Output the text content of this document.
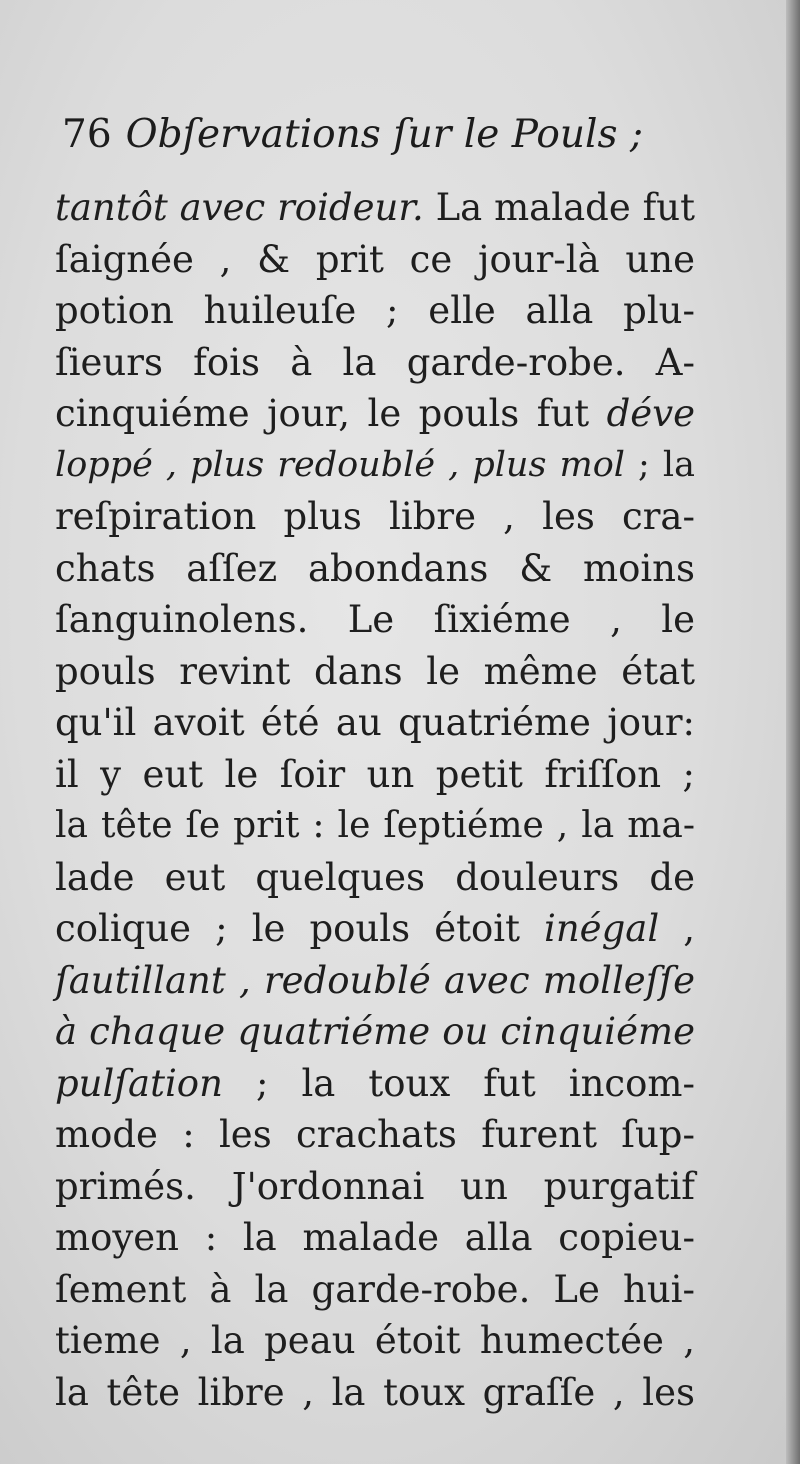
76 Obſervations ſur le Pouls ;
tantôt avec roideur. La malade fut
ſaignée , & prit ce jour-là une
potion huileuſe ; elle alla plu-
ſieurs fois à la garde-robe. A-
cinquiéme jour, le pouls fut déve
loppé , plus redoublé , plus mol ; la
reſpiration plus libre , les cra-
chats aſſez abondans & moins
ſanguinolens. Le ſixiéme , le
pouls revint dans le même état
qu'il avoit été au quatriéme jour:
il y eut le ſoir un petit friſſon ;
la tête ſe prit : le ſeptiéme , la ma-
lade eut quelques douleurs de
colique ; le pouls étoit inégal ,
ſautillant , redoublé avec molleſſe
à chaque quatriéme ou cinquiéme
pulſation ; la toux fut incom-
mode : les crachats furent ſup-
primés. J'ordonnai un purgatif
moyen : la malade alla copieu-
ſement à la garde-robe. Le hui-
tieme , la peau étoit humectée ,
la tête libre , la toux graſſe , les
